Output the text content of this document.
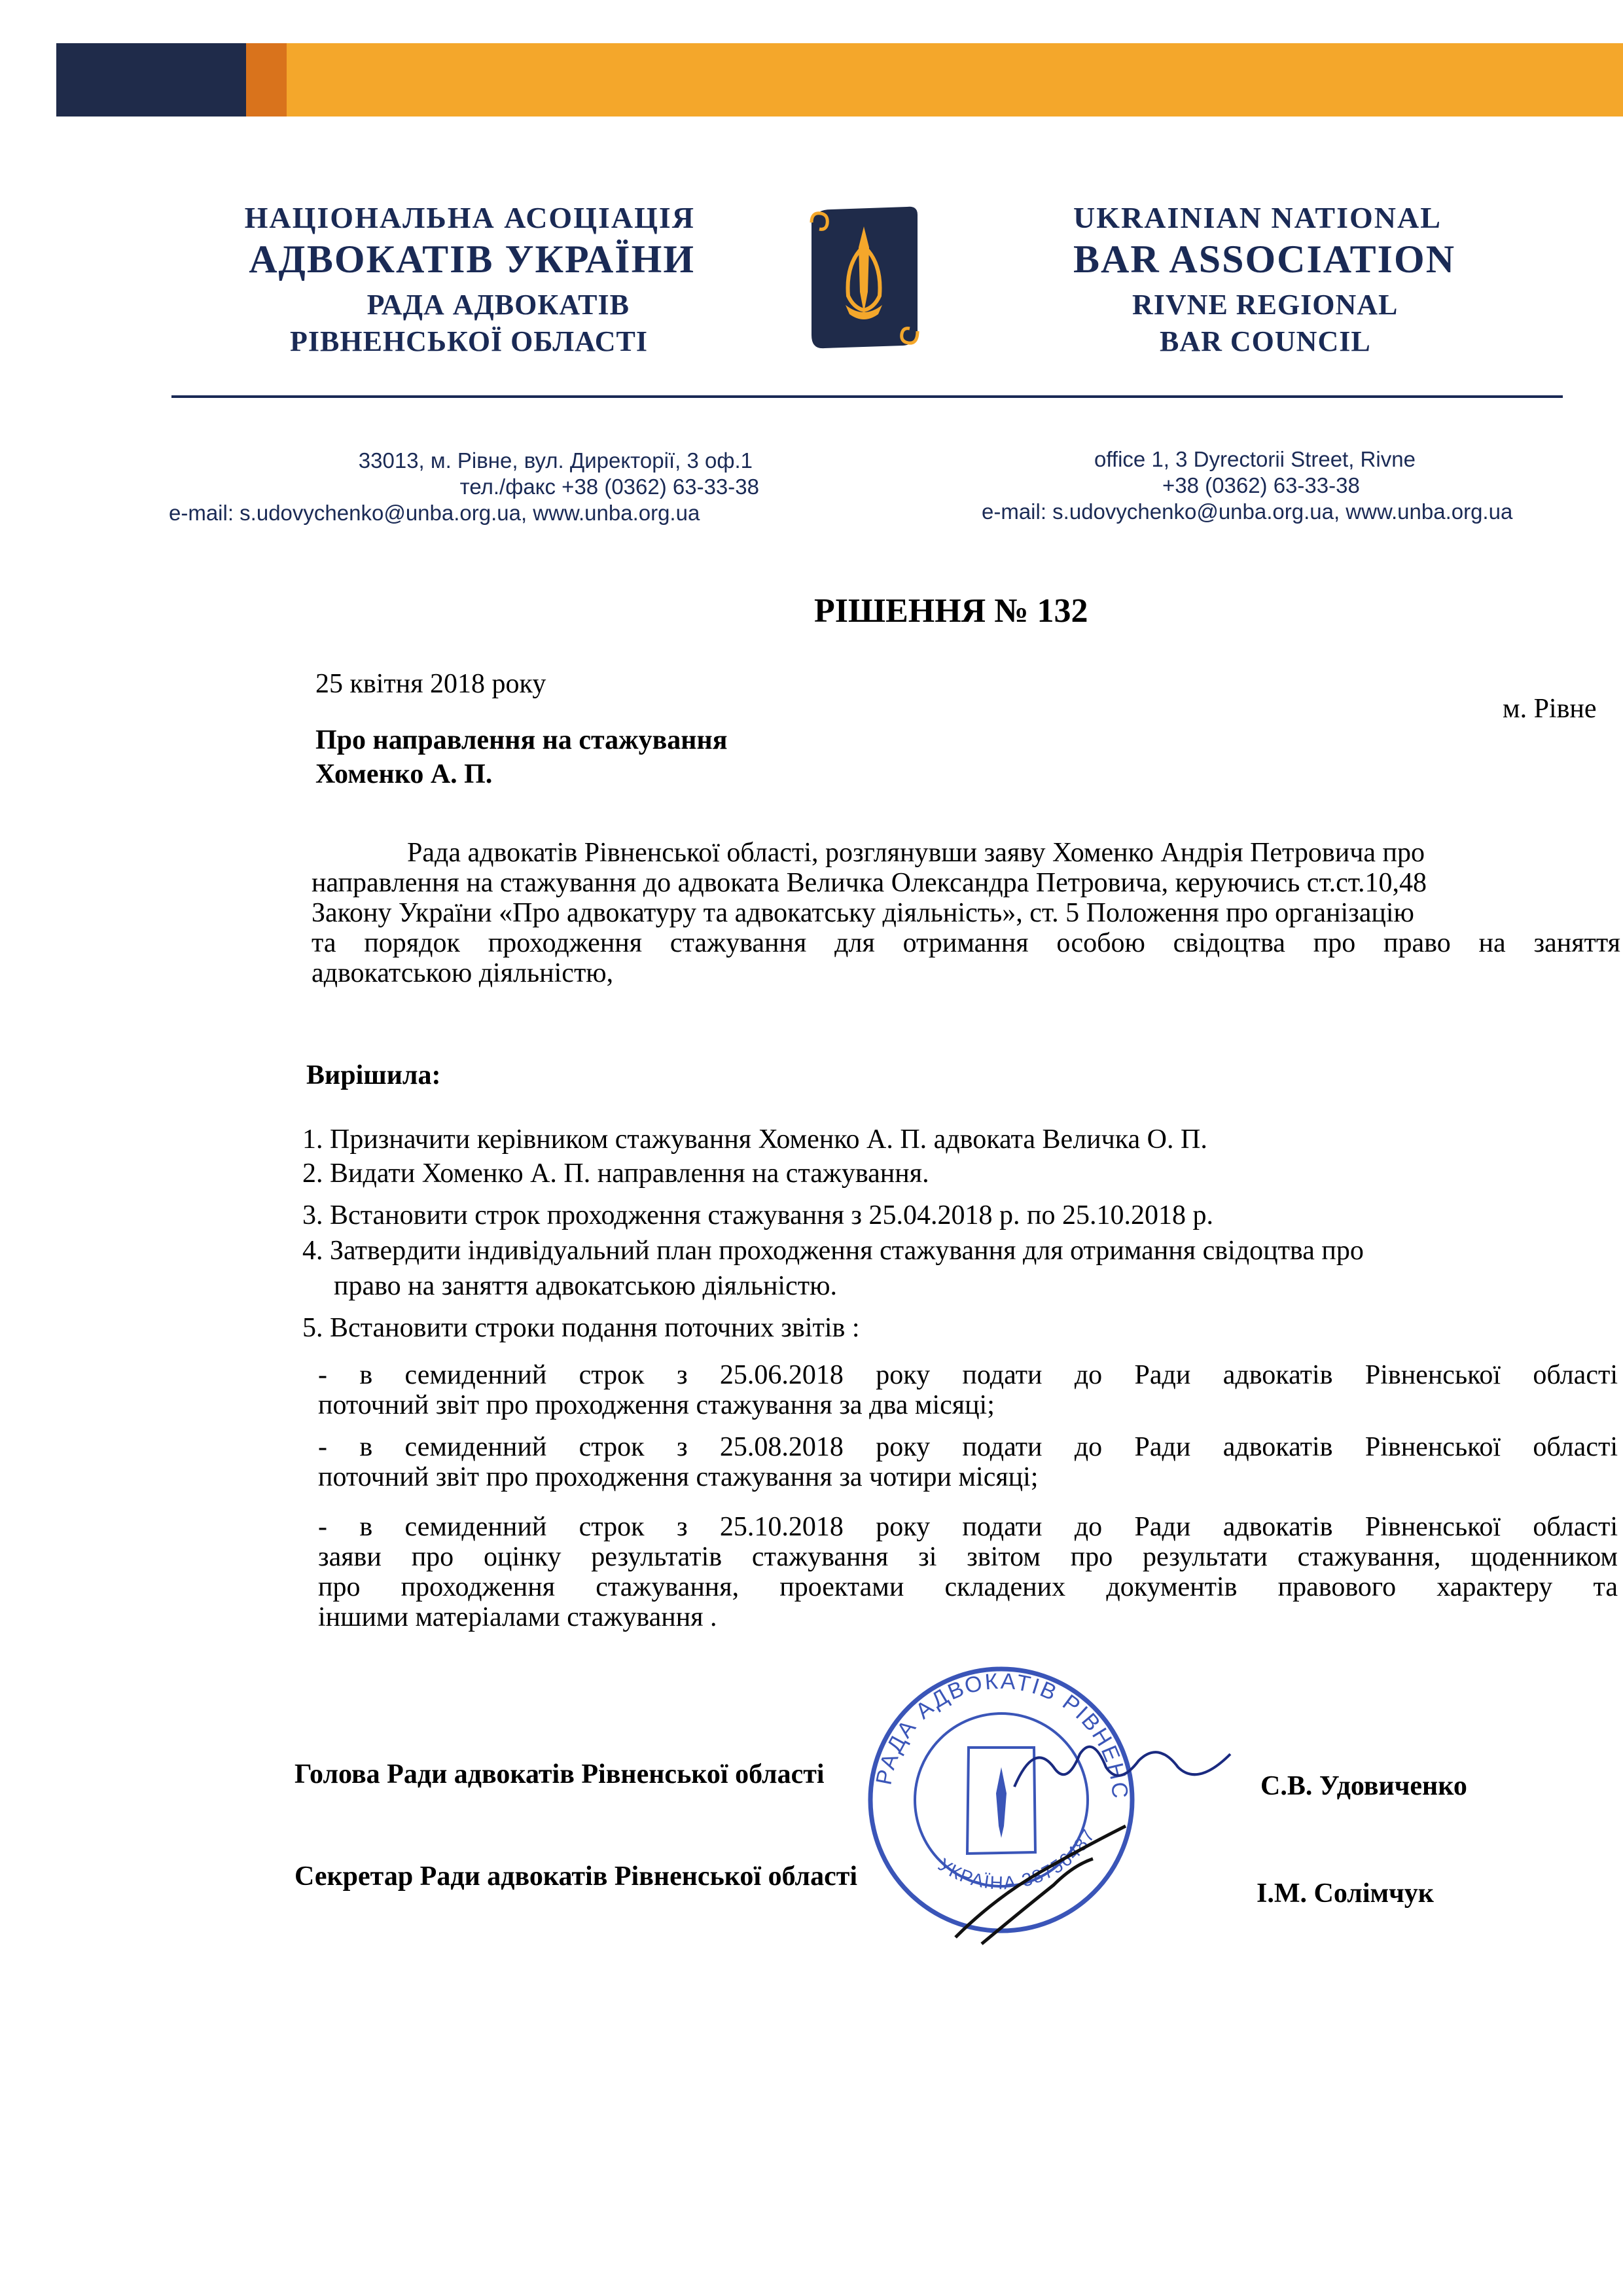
НАЦІОНАЛЬНА АСОЦІАЦІЯ
АДВОКАТІВ УКРАЇНИ
РАДА АДВОКАТІВ
РІВНЕНСЬКОЇ ОБЛАСТІ
UKRAINIAN NATIONAL
BAR ASSOCIATION
RIVNE REGIONAL
BAR COUNCIL
33013, м. Рівне, вул. Директорії, 3 оф.1
тел./факс +38 (0362) 63-33-38
e-mail: s.udovychenko@unba.org.ua, www.unba.org.ua
office 1, 3 Dyrectorii Street, Rivne
+38 (0362) 63-33-38
e-mail: s.udovychenko@unba.org.ua, www.unba.org.ua
РІШЕННЯ № 132
25 квітня 2018 року
м. Рівне
Про направлення на стажування
Хоменко А. П.
Рада адвокатів Рівненської області, розглянувши заяву Хоменко Андрія Петровича про
направлення на стажування до адвоката Величка Олександра Петровича, керуючись ст.ст.10,48
Закону України «Про адвокатуру та адвокатську діяльність», ст. 5 Положення про організацію
та порядок проходження стажування для отримання особою свідоцтва про право на заняття
адвокатською діяльністю,
Вирішила:
1. Призначити керівником стажування Хоменко А. П. адвоката Величка О. П.
2. Видати Хоменко А. П. направлення на стажування.
3. Встановити строк проходження стажування з 25.04.2018 р. по 25.10.2018 р.
4. Затвердити індивідуальний план проходження стажування для отримання свідоцтва про
право на заняття адвокатською діяльністю.
5. Встановити строки подання поточних звітів :
- в семиденний строк з 25.06.2018 року подати до Ради адвокатів Рівненської області
поточний звіт про проходження стажування за два місяці;
- в семиденний строк з 25.08.2018 року подати до Ради адвокатів Рівненської області
поточний звіт про проходження стажування за чотири місяці;
- в семиденний строк з 25.10.2018 року подати до Ради адвокатів Рівненської області
заяви про оцінку результатів стажування зі звітом про результати стажування, щоденником
про проходження стажування, проектами складених документів правового характеру та
іншими матеріалами стажування .
РАДА АДВОКАТІВ РІВНЕНС
УКРАЇНА 38756487
Голова Ради адвокатів Рівненської області	С.В. Удовиченко
Секретар Ради адвокатів Рівненської області
І.М. Солімчук
